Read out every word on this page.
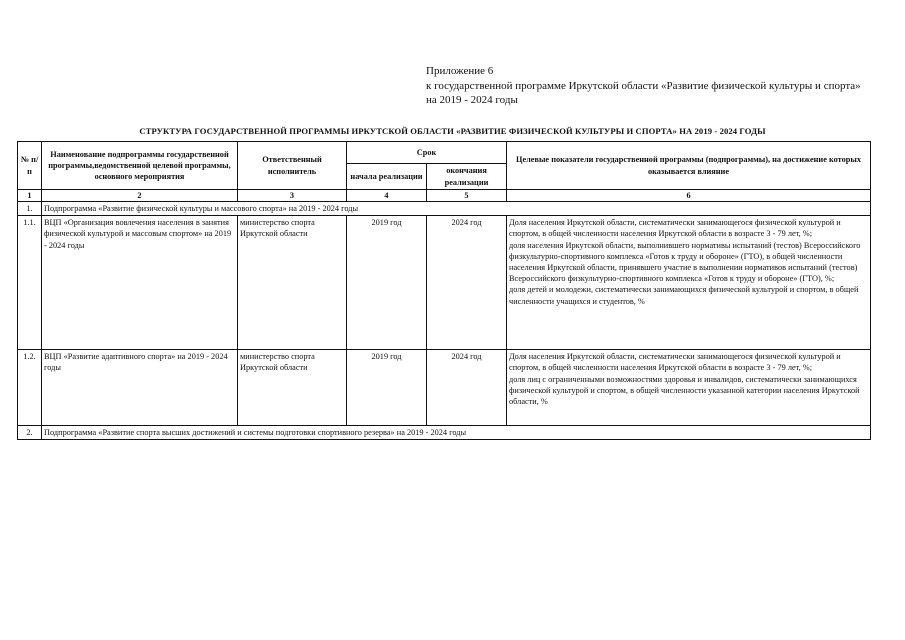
Приложение 6
к государственной программе Иркутской области «Развитие физической культуры и спорта» на 2019 - 2024 годы
СТРУКТУРА ГОСУДАРСТВЕННОЙ ПРОГРАММЫ ИРКУТСКОЙ ОБЛАСТИ «РАЗВИТИЕ ФИЗИЧЕСКОЙ КУЛЬТУРЫ И СПОРТА» НА 2019 - 2024 ГОДЫ
№ п/п	Наименование подпрограммы государственной программы,ведомственной целевой программы, основного мероприятия	Ответственный исполнитель	Срок		Целевые показатели государственной программы (подпрограммы), на достижение которых оказывается влияние
			начала реализации	окончания реализации	
1	2	3	4	5	6
1.	Подпрограмма «Развитие физической культуры и массового спорта» на 2019 - 2024 годы				
1.1.	ВЦП «Организация вовлечения населения в занятия физической культурой и массовым спортом» на 2019 - 2024 годы	министерство спорта Иркутской области	2019 год	2024 год	Доля населения Иркутской области, систематически занимающегося физической культурой и спортом, в общей численности населения Иркутской области в возрасте 3 - 79 лет, %;
доля населения Иркутской области, выполнившего нормативы испытаний (тестов) Всероссийского физкультурно-спортивного комплекса «Готов к труду и обороне» (ГТО), в общей численности населения Иркутской области, принявшего участие в выполнении нормативов испытаний (тестов) Всероссийского физкультурно-спортивного комплекса «Готов к труду и обороне» (ГТО), %;
доля детей и молодежи, систематически занимающихся физической культурой и спортом, в общей численности учащихся и студентов, %
1.2.	ВЦП «Развитие адаптивного спорта» на 2019 - 2024 годы	министерство спорта Иркутской области	2019 год	2024 год	Доля населения Иркутской области, систематически занимающегося физической культурой и спортом, в общей численности населения Иркутской области в возрасте 3 - 79 лет, %;
доля лиц с ограниченными возможностями здоровья и инвалидов, систематически занимающихся физической культурой и спортом, в общей численности указанной категории населения Иркутской области, %
2.	Подпрограмма «Развитие спорта высших достижений и системы подготовки спортивного резерва» на 2019 - 2024 годы				
